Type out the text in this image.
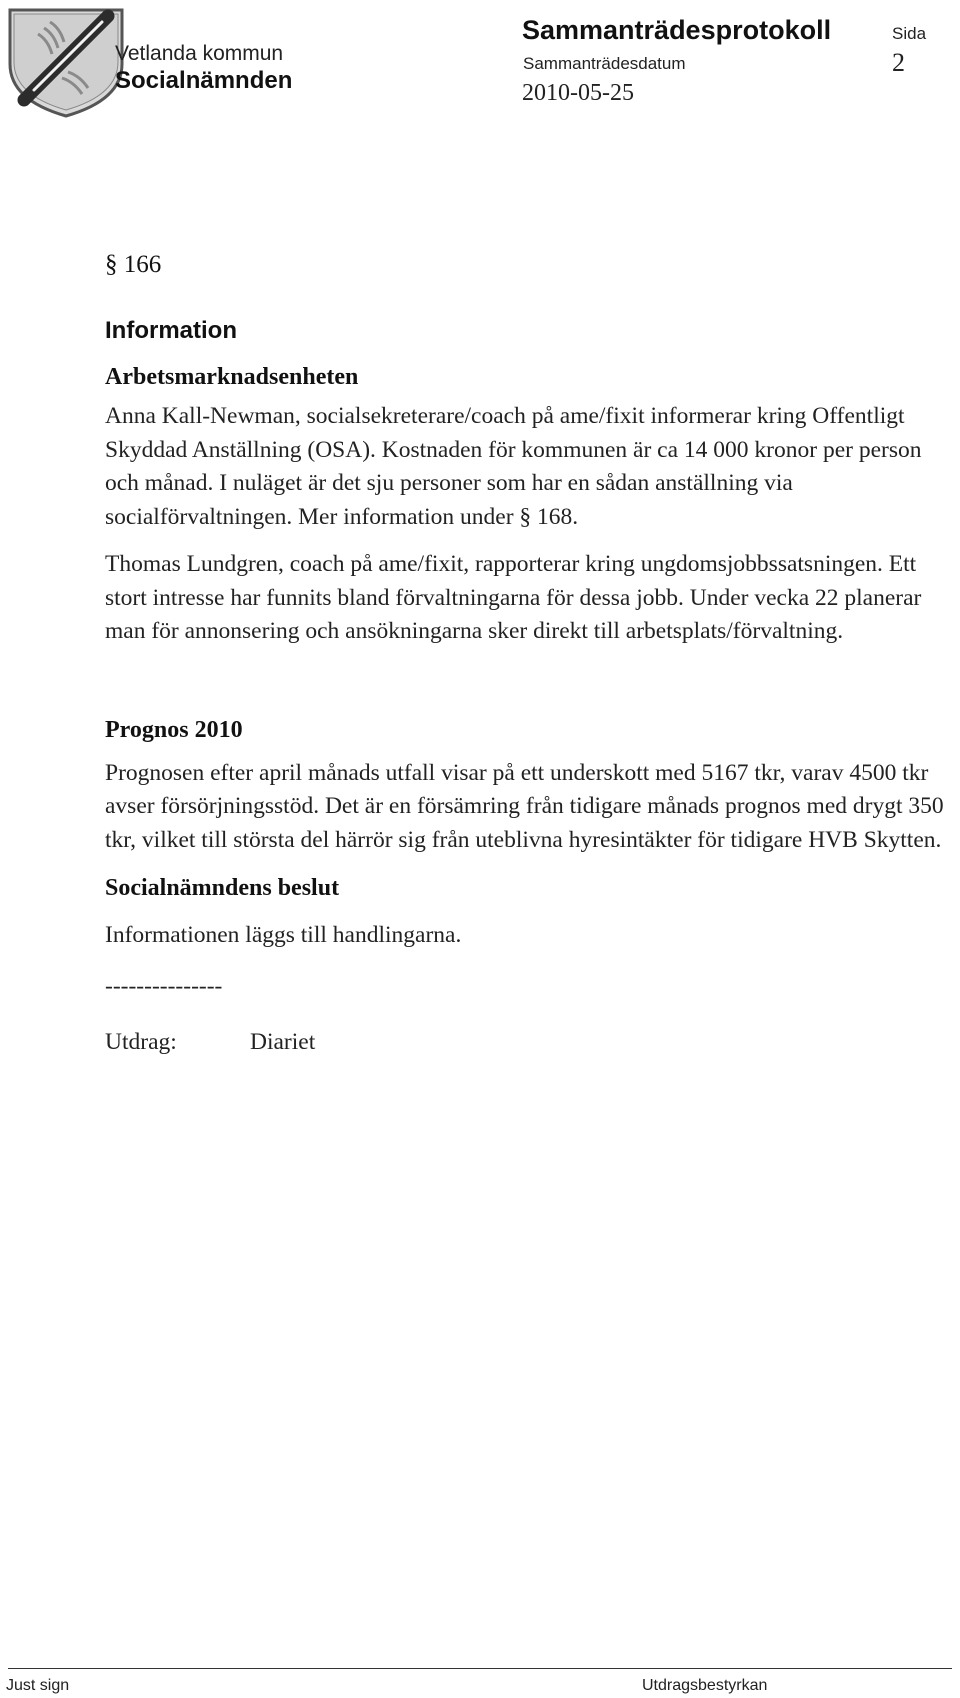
Vetlanda kommun
Socialnämnden
Sammanträdesprotokoll
Sammanträdesdatum
2010-05-25
Sida
2

§ 166

Information

Arbetsmarknadsenheten

Anna Kall-Newman, socialsekreterare/coach på ame/fixit informerar kring Offentligt Skyddad Anställning (OSA). Kostnaden för kommunen är ca 14 000 kronor per person och månad. I nuläget är det sju personer som har en sådan anställning via socialförvaltningen. Mer information under § 168.

Thomas Lundgren, coach på ame/fixit, rapporterar kring ungdomsjobbssatsningen. Ett stort intresse har funnits bland förvaltningarna för dessa jobb. Under vecka 22 planerar man för annonsering och ansökningarna sker direkt till arbetsplats/förvaltning.

Prognos 2010

Prognosen efter april månads utfall visar på ett underskott med 5167 tkr, varav 4500 tkr avser försörjningsstöd. Det är en försämring från tidigare månads prognos med drygt 350 tkr, vilket till största del härrör sig från uteblivna hyresintäkter för tidigare HVB Skytten.

Socialnämndens beslut

Informationen läggs till handlingarna.

---------------

Utdrag:	Diariet

Just sign	Utdragsbestyrkan
